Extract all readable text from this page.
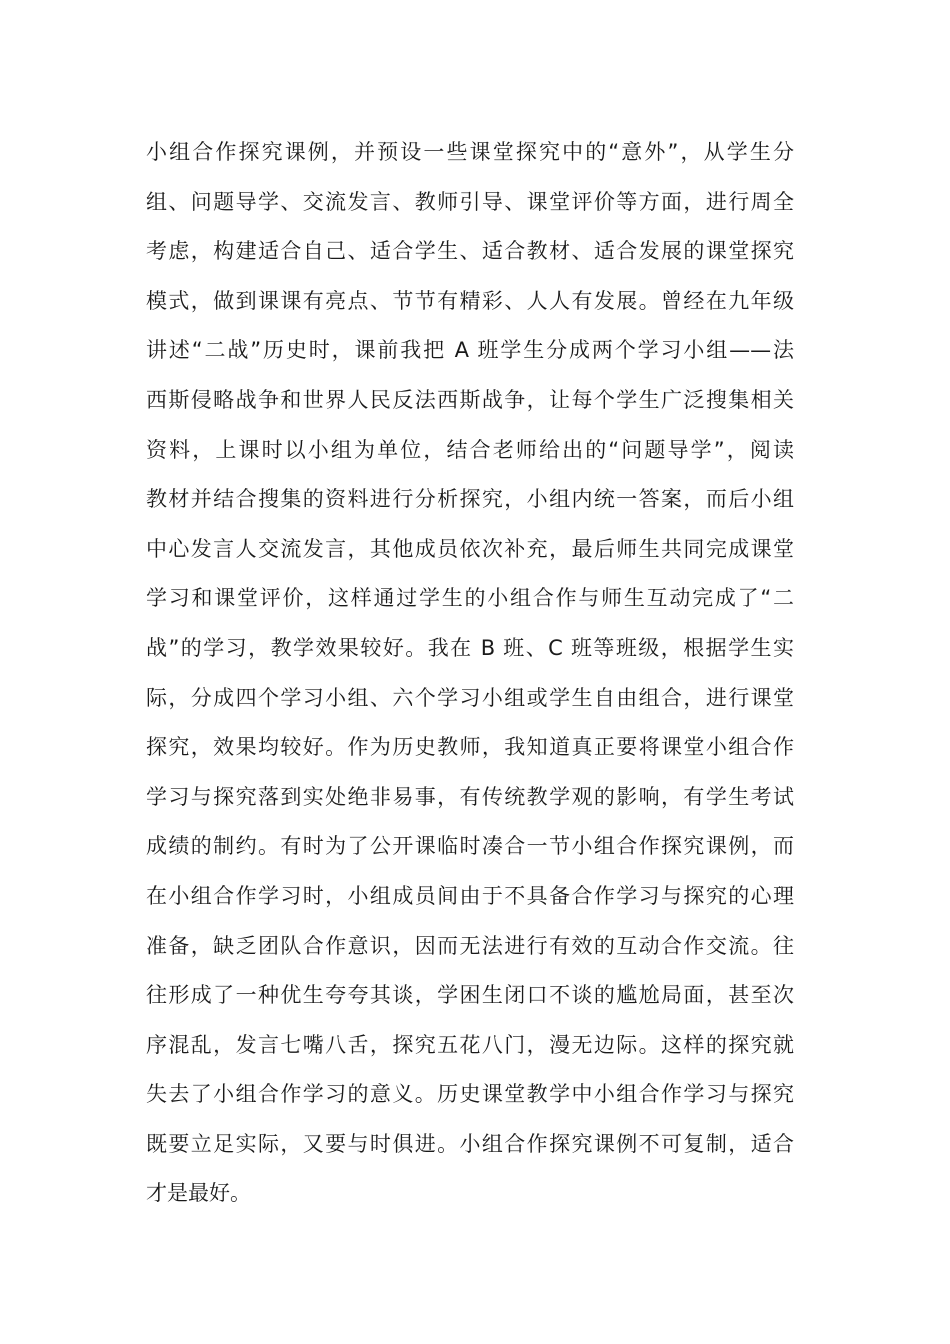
小组合作探究课例，并预设一些课堂探究中的“意外”，从学生分
组、问题导学、交流发言、教师引导、课堂评价等方面，进行周全
考虑，构建适合自己、适合学生、适合教材、适合发展的课堂探究
模式，做到课课有亮点、节节有精彩、人人有发展。曾经在九年级
讲述“二战”历史时，课前我把 A 班学生分成两个学习小组——法
西斯侵略战争和世界人民反法西斯战争，让每个学生广泛搜集相关
资料，上课时以小组为单位，结合老师给出的“问题导学”，阅读
教材并结合搜集的资料进行分析探究，小组内统一答案，而后小组
中心发言人交流发言，其他成员依次补充，最后师生共同完成课堂
学习和课堂评价，这样通过学生的小组合作与师生互动完成了“二
战”的学习，教学效果较好。我在 B 班、C 班等班级，根据学生实
际，分成四个学习小组、六个学习小组或学生自由组合，进行课堂
探究，效果均较好。作为历史教师，我知道真正要将课堂小组合作
学习与探究落到实处绝非易事，有传统教学观的影响，有学生考试
成绩的制约。有时为了公开课临时凑合一节小组合作探究课例，而
在小组合作学习时，小组成员间由于不具备合作学习与探究的心理
准备，缺乏团队合作意识，因而无法进行有效的互动合作交流。往
往形成了一种优生夸夸其谈，学困生闭口不谈的尴尬局面，甚至次
序混乱，发言七嘴八舌，探究五花八门，漫无边际。这样的探究就
失去了小组合作学习的意义。历史课堂教学中小组合作学习与探究
既要立足实际，又要与时俱进。小组合作探究课例不可复制，适合
才是最好。
